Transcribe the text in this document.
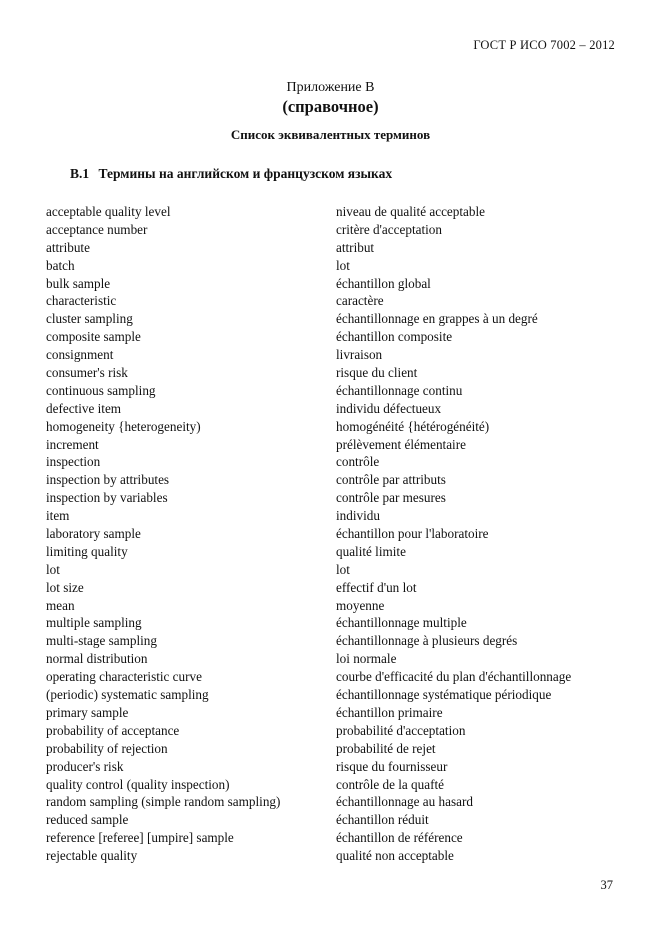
ГОСТ Р ИСО 7002 – 2012
Приложение В
(справочное)
Список эквивалентных терминов
В.1 Термины на английском и французском языках
acceptable quality level	niveau de qualité acceptable
acceptance number	critère d'acceptation
attribute	attribut
batch	lot
bulk sample	échantillon global
characteristic	caractère
cluster sampling	échantillonnage en grappes à un degré
composite sample	échantillon composite
consignment	livraison
consumer's risk	risque du client
continuous sampling	échantillonnage continu
defective item	individu défectueux
homogeneity {heterogeneity)	homogénéité {hétérogénéité)
increment	prélèvement élémentaire
inspection	contrôle
inspection by attributes	contrôle par attributs
inspection by variables	contrôle par mesures
item	individu
laboratory sample	échantillon pour l'laboratoire
limiting quality	qualité limite
lot	lot
lot size	effectif d'un lot
mean	moyenne
multiple sampling	échantillonnage multiple
multi-stage sampling	échantillonnage à plusieurs degrés
normal distribution	loi normale
operating characteristic curve	courbe d'efficacité du plan d'échantillonnage
(periodic) systematic sampling	échantillonnage systématique périodique
primary sample	échantillon primaire
probability of acceptance	probabilité d'acceptation
probability of rejection	probabilité de rejet
producer's risk	risque du fournisseur
quality control (quality inspection)	contrôle de la quаfté
random sampling (simple random sampling)	échantillonnage au hasard
reduced sample	échantillon réduit
reference [referee] [umpire] sample	échantillon de référence
rejectable quality	qualité non acceptable
37
